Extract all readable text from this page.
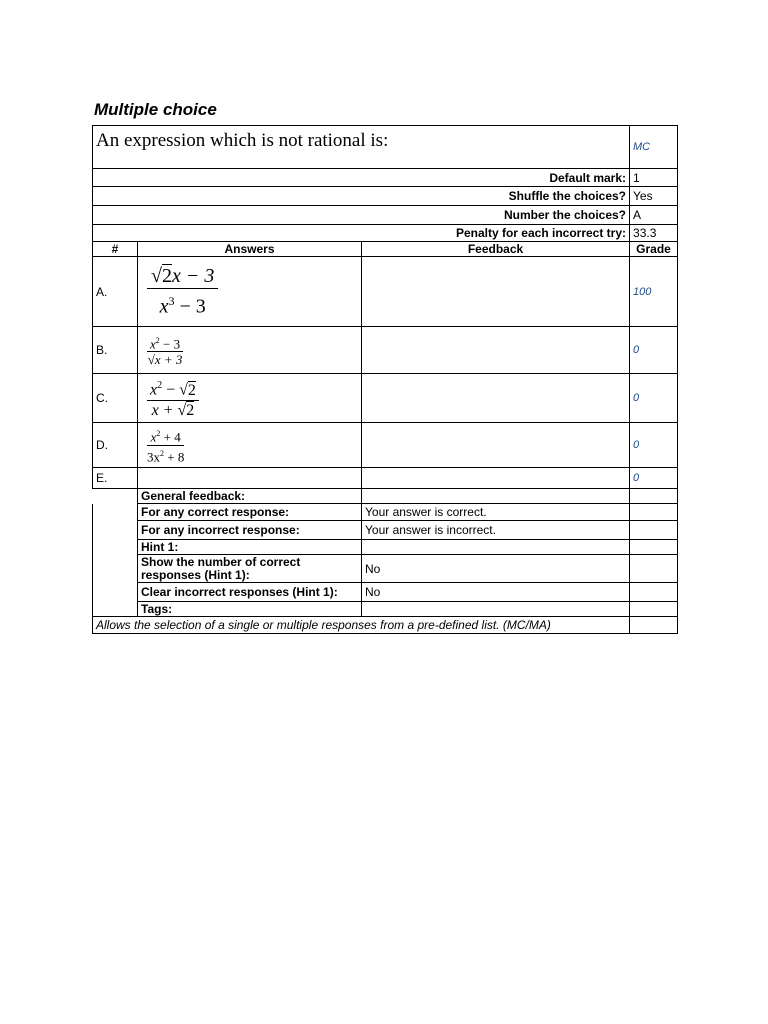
Multiple choice
An expression which is not rational is:			MC
Default mark:			1
Shuffle the choices?			Yes
Number the choices?			A
Penalty for each incorrect try:			33.3
#	Answers	Feedback	Grade
A.	$\frac{√2x - 3}{x^3 - 3}$		100
B.	$\frac{x^2 - 3}{√x + 3}$		0
C.	$\frac{x^2 - √2}{x + √2}$		0
D.	$\frac{x^2 + 4}{3x^2 + 8}$		0
E.			0
	General feedback:		
	For any correct response:	Your answer is correct.	
	For any incorrect response:	Your answer is incorrect.	
	Hint 1:		
	Show the number of correct responses (Hint 1):	No	
	Clear incorrect responses (Hint 1):	No	
	Tags:		
Allows the selection of a single or multiple responses from a pre-defined list. (MC/MA)			
